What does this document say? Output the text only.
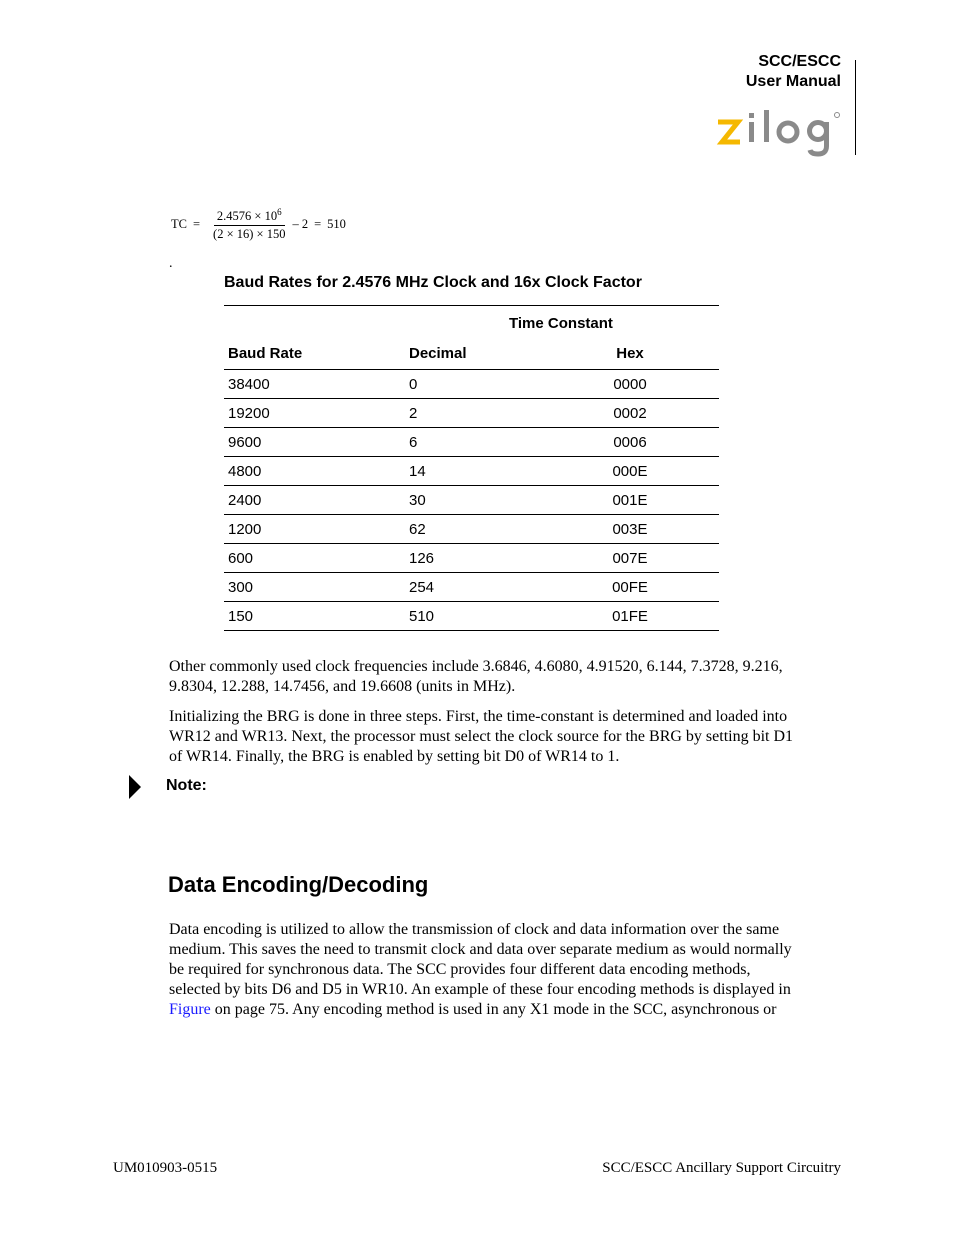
SCC/ESCC
User Manual
TC = $\frac{2.4576 \times 10^6}{(2 \times 16) \times 150} - 2 = 510$
.
Baud Rates for 2.4576 MHz Clock and 16x Clock Factor
Time Constant
Baud Rate	Decimal	Hex
38400	0	0000
19200	2	0002
9600	6	0006
4800	14	000E
2400	30	001E
1200	62	003E
600	126	007E
300	254	00FE
150	510	01FE
Other commonly used clock frequencies include 3.6846, 4.6080, 4.91520, 6.144, 7.3728, 9.216,
9.8304, 12.288, 14.7456, and 19.6608 (units in MHz).
Initializing the BRG is done in three steps. First, the time-constant is determined and loaded into
WR12 and WR13. Next, the processor must select the clock source for the BRG by setting bit D1
of WR14. Finally, the BRG is enabled by setting bit D0 of WR14 to 1.
Note:
Data Encoding/Decoding
Data encoding is utilized to allow the transmission of clock and data information over the same
medium. This saves the need to transmit clock and data over separate medium as would normally
be required for synchronous data. The SCC provides four different data encoding methods,
selected by bits D6 and D5 in WR10. An example of these four encoding methods is displayed in
Figure on page 75. Any encoding method is used in any X1 mode in the SCC, asynchronous or
UM010903-0515	SCC/ESCC Ancillary Support Circuitry
